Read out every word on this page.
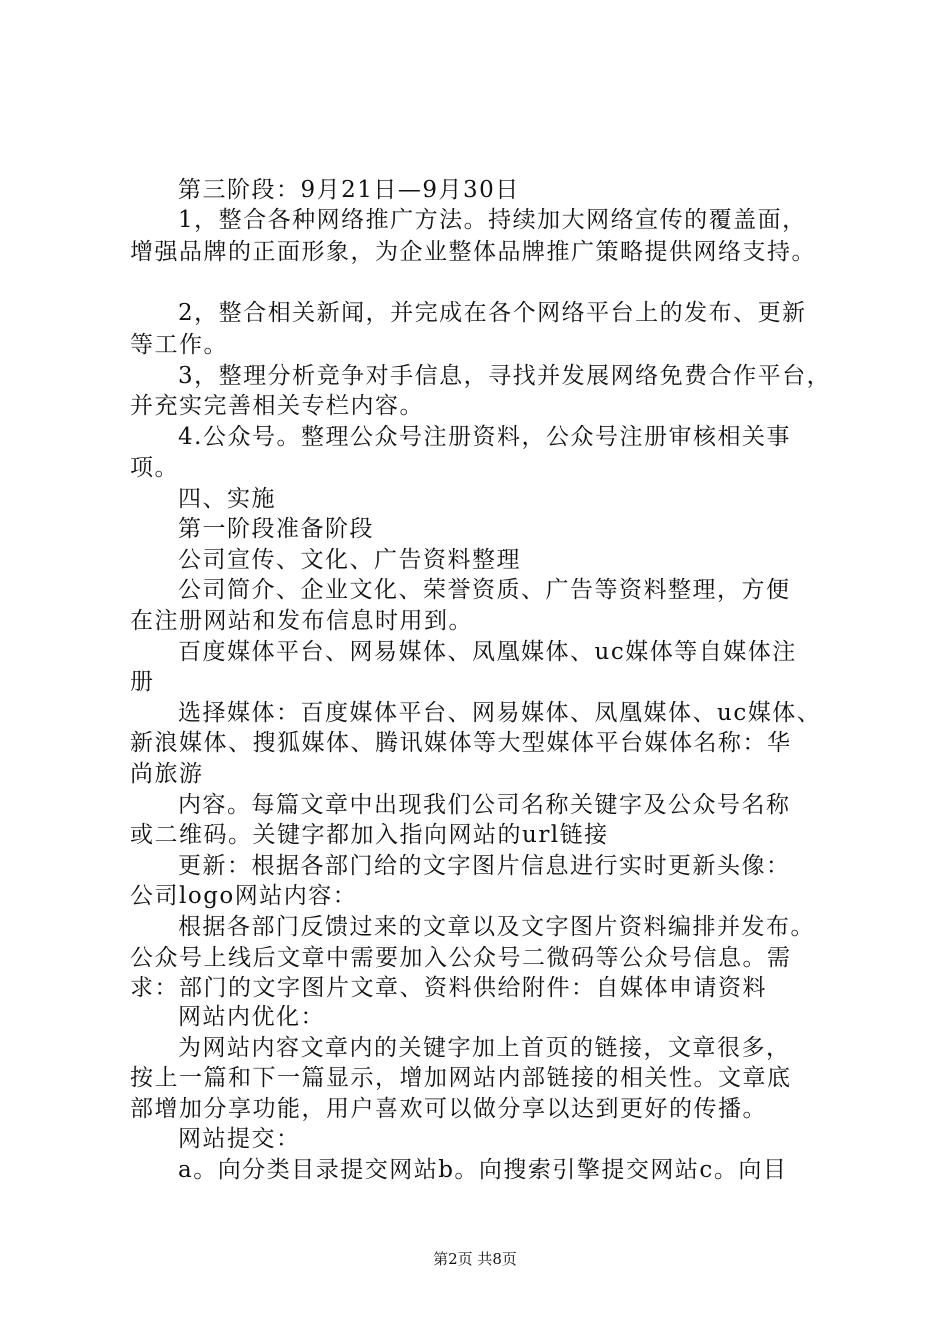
第三阶段：9月21日—9月30日
1，整合各种网络推广方法。持续加大网络宣传的覆盖面，
增强品牌的正面形象，为企业整体品牌推广策略提供网络支持。
2，整合相关新闻，并完成在各个网络平台上的发布、更新
等工作。
3，整理分析竞争对手信息，寻找并发展网络免费合作平台，
并充实完善相关专栏内容。
4.公众号。整理公众号注册资料，公众号注册审核相关事
项。
四、实施
第一阶段准备阶段
公司宣传、文化、广告资料整理
公司简介、企业文化、荣誉资质、广告等资料整理，方便
在注册网站和发布信息时用到。
百度媒体平台、网易媒体、凤凰媒体、uc媒体等自媒体注
册
选择媒体：百度媒体平台、网易媒体、凤凰媒体、uc媒体、
新浪媒体、搜狐媒体、腾讯媒体等大型媒体平台媒体名称：华
尚旅游
内容。每篇文章中出现我们公司名称关键字及公众号名称
或二维码。关键字都加入指向网站的url链接
更新：根据各部门给的文字图片信息进行实时更新头像：
公司logo网站内容：
根据各部门反馈过来的文章以及文字图片资料编排并发布。
公众号上线后文章中需要加入公众号二微码等公众号信息。需
求：部门的文字图片文章、资料供给附件：自媒体申请资料
网站内优化：
为网站内容文章内的关键字加上首页的链接，文章很多，
按上一篇和下一篇显示，增加网站内部链接的相关性。文章底
部增加分享功能，用户喜欢可以做分享以达到更好的传播。
网站提交：
a。向分类目录提交网站b。向搜索引擎提交网站c。向目
第2页 共8页
